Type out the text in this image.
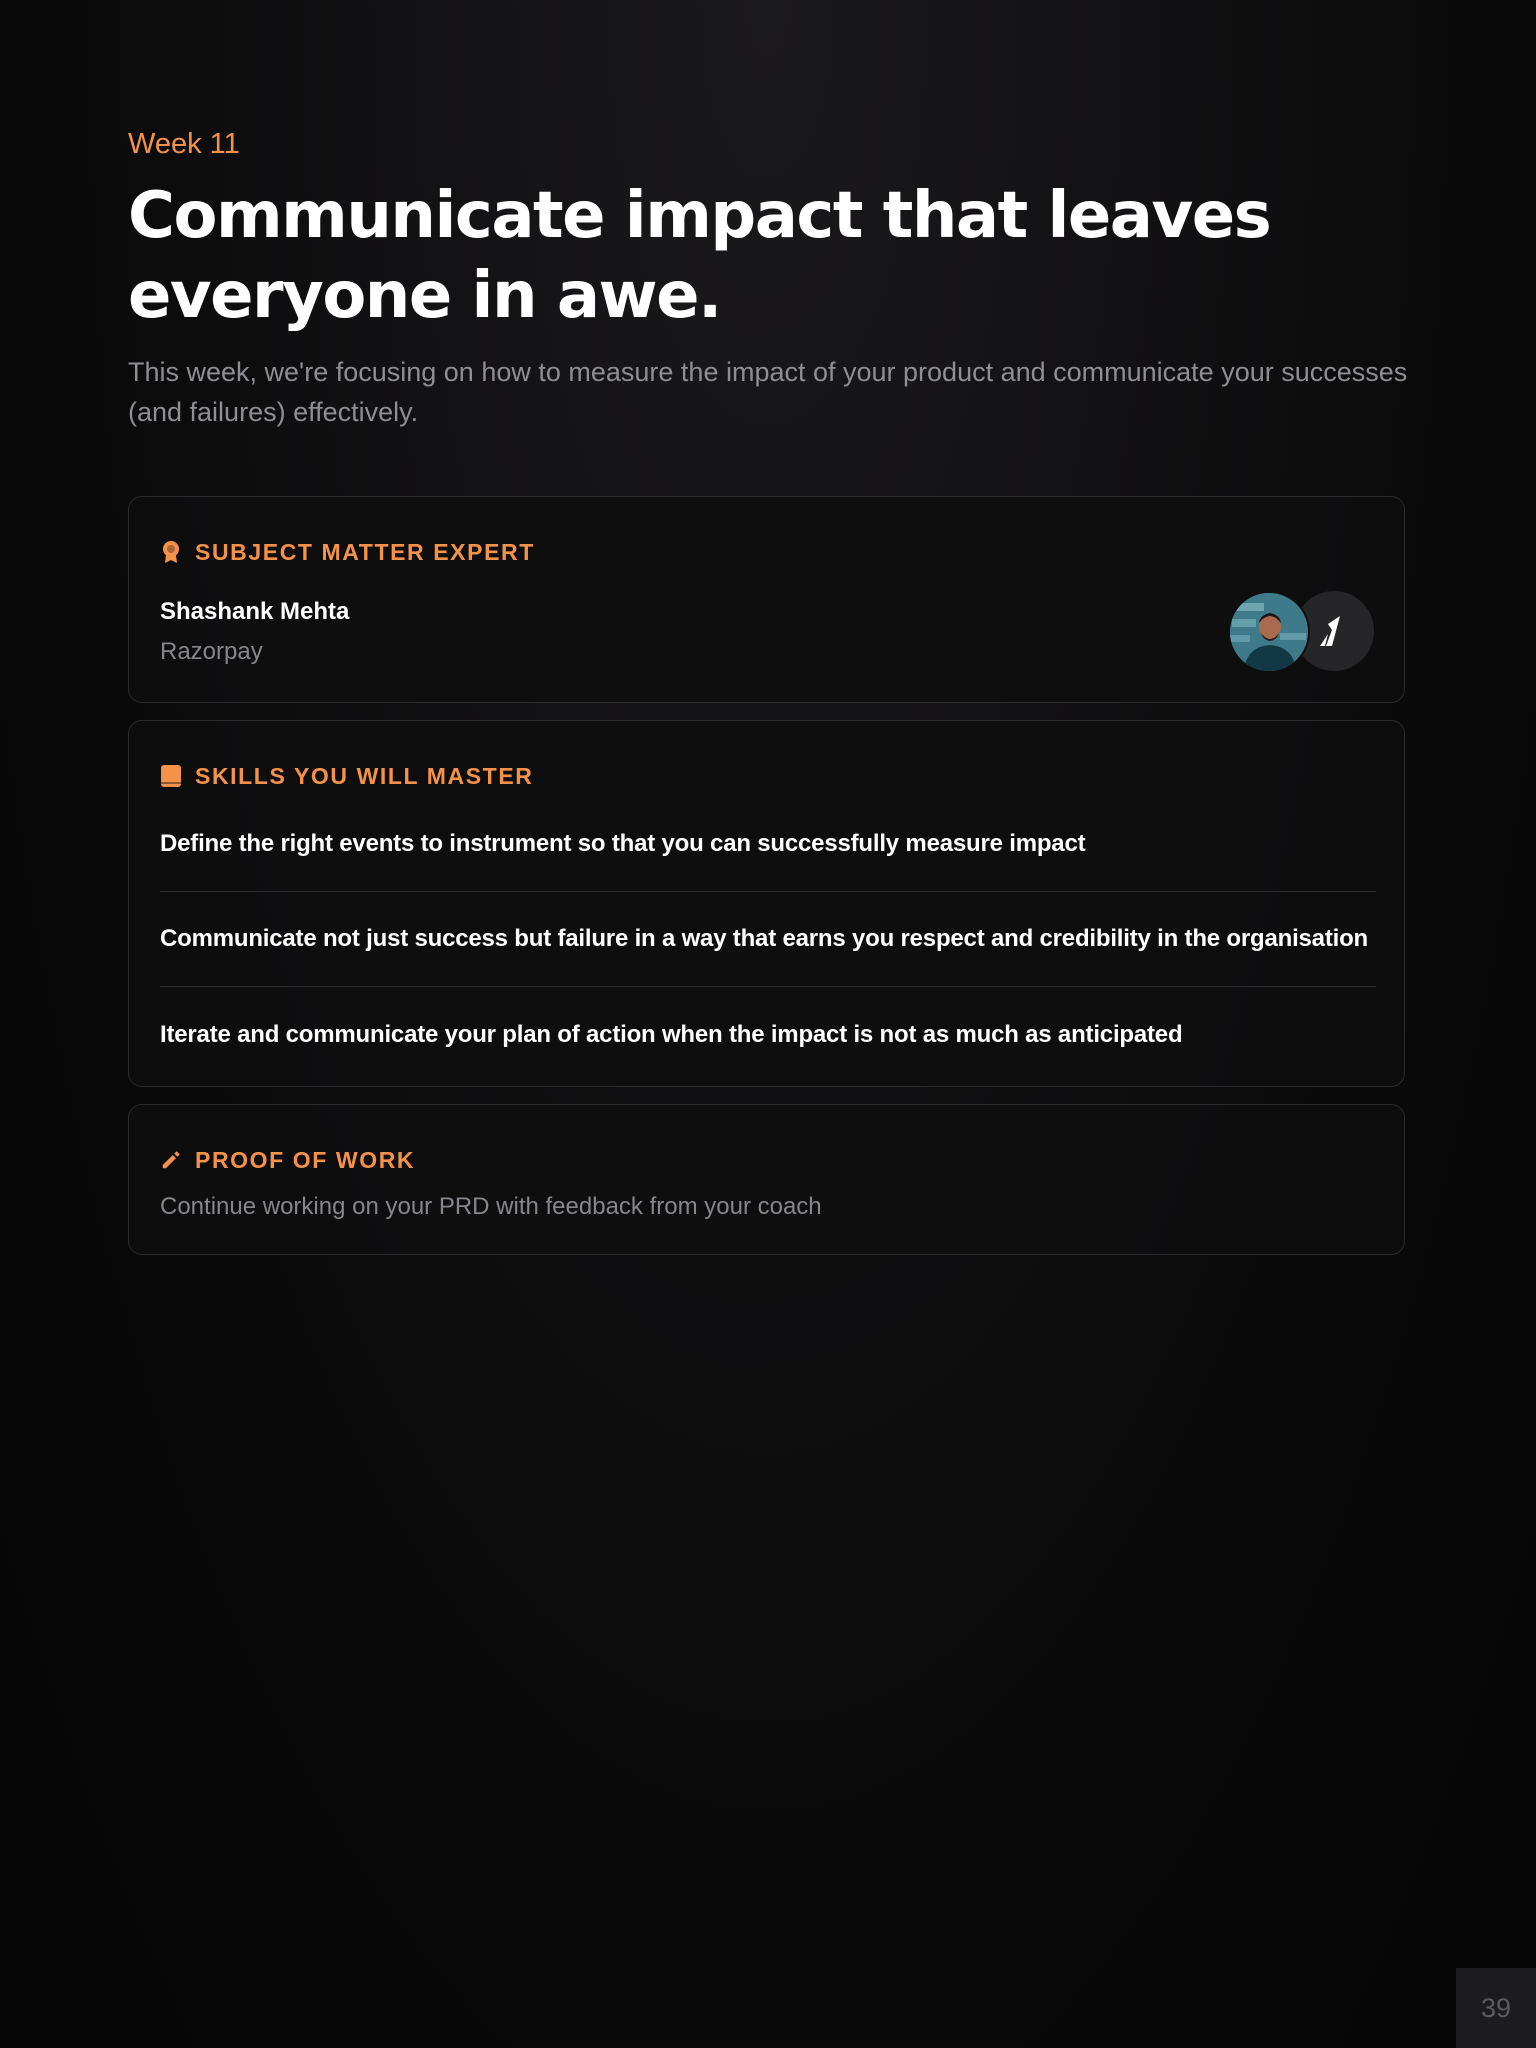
Week 11
Communicate impact that leaves everyone in awe.

This week, we're focusing on how to measure the impact of your product and communicate your successes (and failures) effectively.

SUBJECT MATTER EXPERT
Shashank Mehta
Razorpay
SKILLS YOU WILL MASTER
Define the right events to instrument so that you can successfully measure impact
Communicate not just success but failure in a way that earns you respect and credibility in the organisation
Iterate and communicate your plan of action when the impact is not as much as anticipated
PROOF OF WORK
Continue working on your PRD with feedback from your coach
39
